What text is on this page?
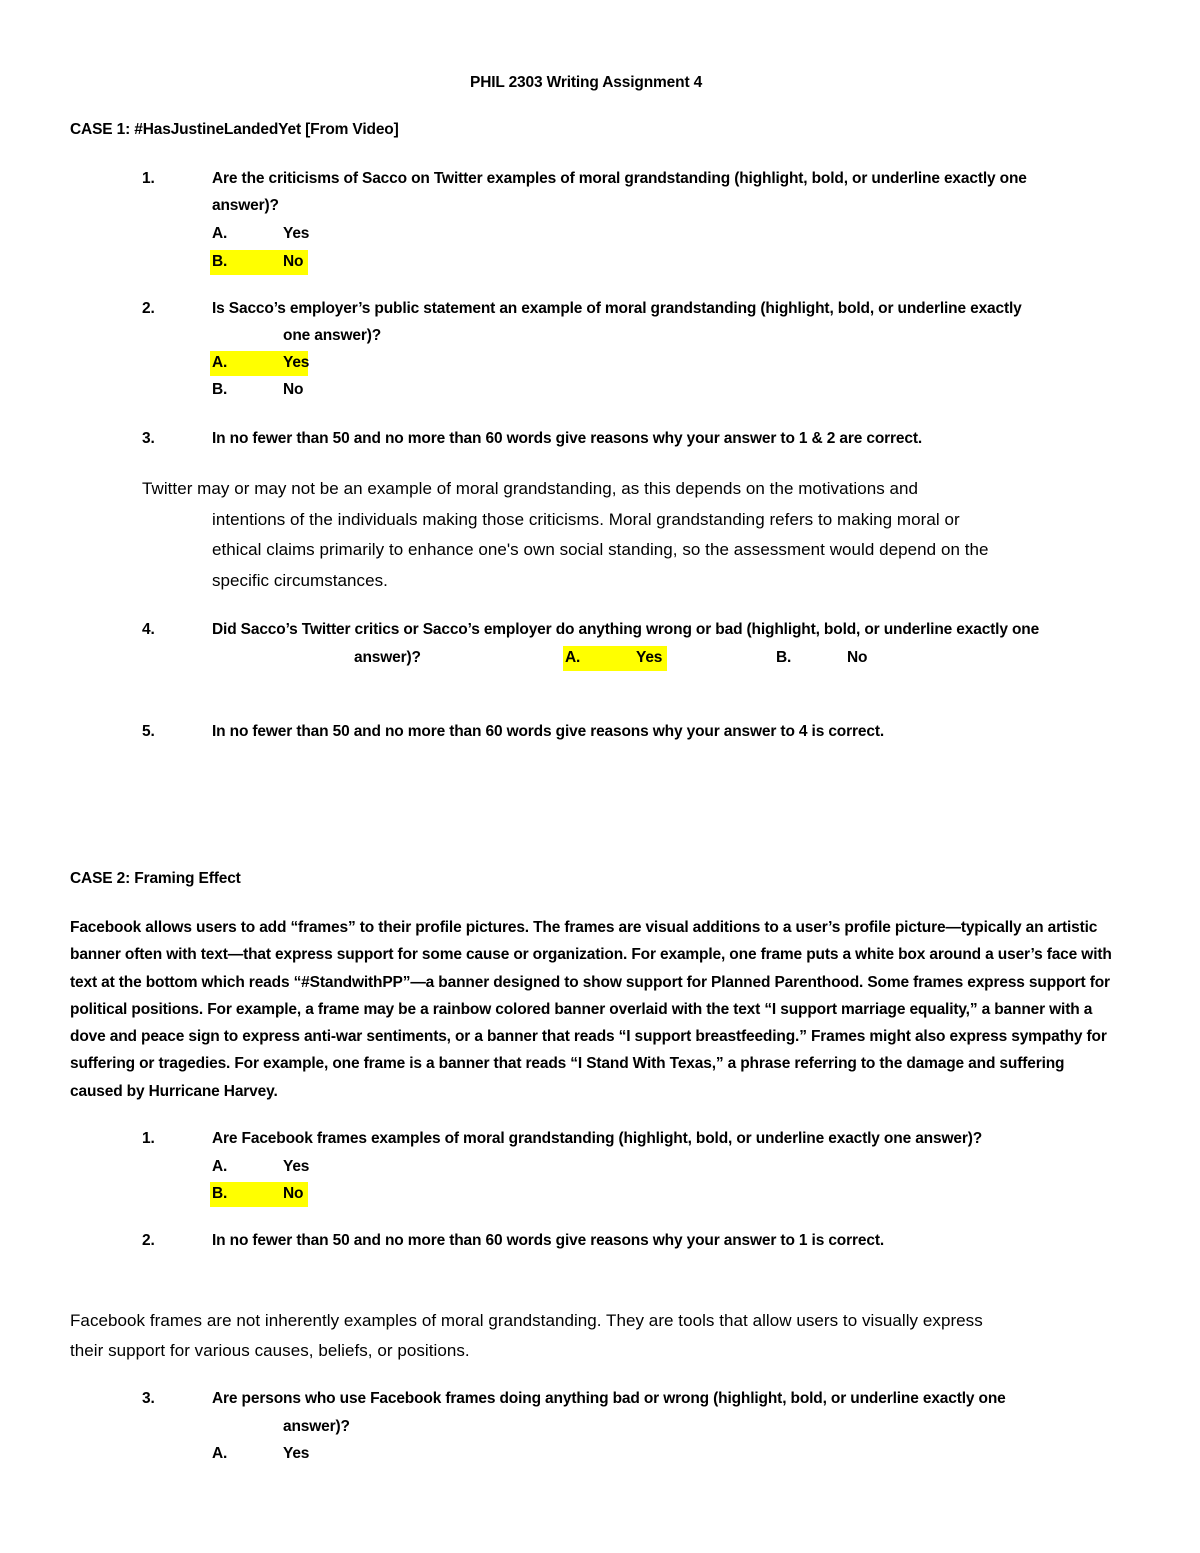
PHIL 2303 Writing Assignment 4
CASE 1: #HasJustineLandedYet [From Video]
1.	Are the criticisms of Sacco on Twitter examples of moral grandstanding (highlight, bold, or underline exactly one
answer)?
A.	Yes
B.	No
2.	Is Sacco’s employer’s public statement an example of moral grandstanding (highlight, bold, or underline exactly
one answer)?
A.	Yes
B.	No
3.	In no fewer than 50 and no more than 60 words give reasons why your answer to 1 & 2 are correct.
Twitter may or may not be an example of moral grandstanding, as this depends on the motivations and
intentions of the individuals making those criticisms. Moral grandstanding refers to making moral or
ethical claims primarily to enhance one's own social standing, so the assessment would depend on the
specific circumstances.
4.	Did Sacco’s Twitter critics or Sacco’s employer do anything wrong or bad (highlight, bold, or underline exactly one
answer)?	A.	Yes	B.	No
5.	In no fewer than 50 and no more than 60 words give reasons why your answer to 4 is correct.
CASE 2: Framing Effect
Facebook allows users to add “frames” to their profile pictures. The frames are visual additions to a user’s profile picture—typically an artistic banner often with text—that express support for some cause or organization. For example, one frame puts a white box around a user’s face with text at the bottom which reads “#StandwithPP”—a banner designed to show support for Planned Parenthood. Some frames express support for political positions. For example, a frame may be a rainbow colored banner overlaid with the text “I support marriage equality,” a banner with a dove and peace sign to express anti-war sentiments, or a banner that reads “I support breastfeeding.” Frames might also express sympathy for suffering or tragedies. For example, one frame is a banner that reads “I Stand With Texas,” a phrase referring to the damage and suffering caused by Hurricane Harvey.
1.	Are Facebook frames examples of moral grandstanding (highlight, bold, or underline exactly one answer)?
A.	Yes
B.	No
2.	In no fewer than 50 and no more than 60 words give reasons why your answer to 1 is correct.
Facebook frames are not inherently examples of moral grandstanding. They are tools that allow users to visually express
their support for various causes, beliefs, or positions.
3.	Are persons who use Facebook frames doing anything bad or wrong (highlight, bold, or underline exactly one
answer)?
A.	Yes
